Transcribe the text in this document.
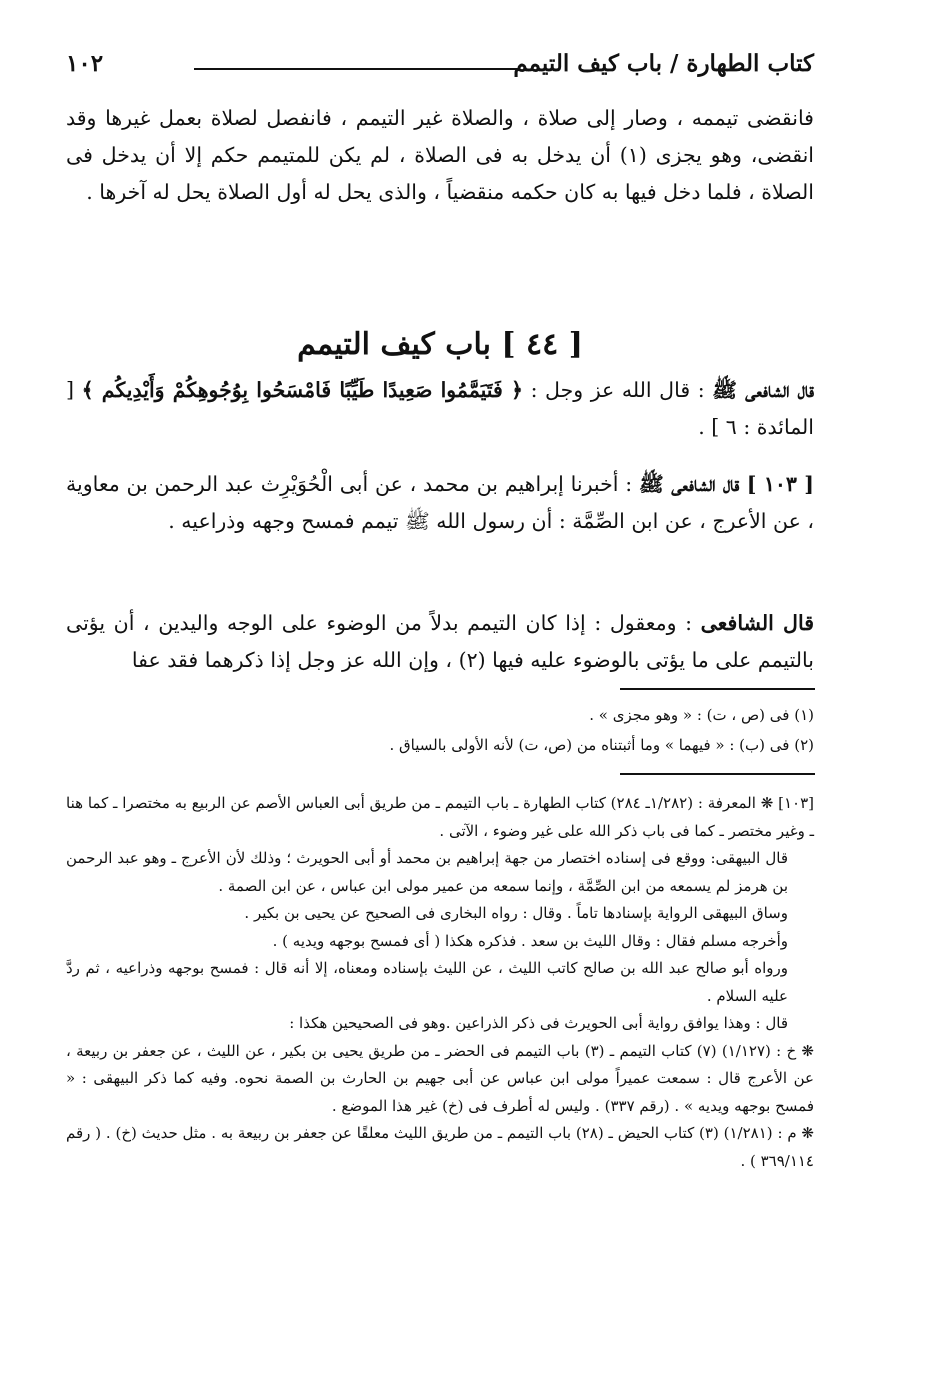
كتاب الطهارة / باب كيف التيمم
١٠٢
فانقضى تيممه ، وصار إلى صلاة ، والصلاة غير التيمم ، فانفصل لصلاة بعمل غيرها وقد انقضى، وهو يجزى (١) أن يدخل به فى الصلاة ، لم يكن للمتيمم حكم إلا أن يدخل فى الصلاة ، فلما دخل فيها به كان حكمه منقضياً ، والذى يحل له أول الصلاة يحل له آخرها .
[ ٤٤ ] باب كيف التيمم
قال الشافعى ﷺ : قال الله عز وجل : ﴿ فَتَيَمَّمُوا صَعِيدًا طَيِّبًا فَامْسَحُوا بِوُجُوهِكُمْ وَأَيْدِيكُم ﴾ [ المائدة : ٦ ] .
[ ١٠٣ ] قال الشافعى ﷺ : أخبرنا إبراهيم بن محمد ، عن أبى الْحُوَيْرِث عبد الرحمن بن معاوية ، عن الأعرج ، عن ابن الصِّمَّة : أن رسول الله ﷺ تيمم فمسح وجهه وذراعيه .
قال الشافعى : ومعقول : إذا كان التيمم بدلاً من الوضوء على الوجه واليدين ، أن يؤتى بالتيمم على ما يؤتى بالوضوء عليه فيها (٢) ، وإن الله عز وجل إذا ذكرهما فقد عفا
(١) فى (ص ، ت) : « وهو مجزى » .
(٢) فى (ب) : « فيهما » وما أثبتناه من (ص، ت) لأنه الأولى بالسياق .

[١٠٣] ❋ المعرفة : (١/٢٨٢ـ ٢٨٤) كتاب الطهارة ـ باب التيمم ـ من طريق أبى العباس الأصم عن الربيع به مختصرا ـ كما هنا ـ وغير مختصر ـ كما فى باب ذكر الله على غير وضوء ، الآتى .

قال البيهقى: ووقع فى إسناده اختصار من جهة إبراهيم بن محمد أو أبى الحويرث ؛ وذلك لأن الأعرج ـ وهو عبد الرحمن بن هرمز لم يسمعه من ابن الصِّمَّة ، وإنما سمعه من عمير مولى ابن عباس ، عن ابن الصمة .

وساق البيهقى الرواية بإسنادها تاماً . وقال : رواه البخارى فى الصحيح عن يحيى بن بكير .

وأخرجه مسلم فقال : وقال الليث بن سعد . فذكره هكذا ( أى فمسح بوجهه ويديه ) .

ورواه أبو صالح عبد الله بن صالح كاتب الليث ، عن الليث بإسناده ومعناه، إلا أنه قال : فمسح بوجهه وذراعيه ، ثم ردَّ عليه السلام .

قال : وهذا يوافق رواية أبى الحويرث فى ذكر الذراعين .وهو فى الصحيحين هكذا :

❋ خ : (١/١٢٧) (٧) كتاب التيمم ـ (٣) باب التيمم فى الحضر ـ من طريق يحيى بن بكير ، عن الليث ، عن جعفر بن ربيعة ، عن الأعرج قال : سمعت عميراً مولى ابن عباس عن أبى جهيم بن الحارث بن الصمة نحوه. وفيه كما ذكر البيهقى : « فمسح بوجهه ويديه » . (رقم ٣٣٧) . وليس له أطرف فى (خ) غير هذا الموضع .

❋ م : (١/٢٨١) (٣) كتاب الحيض ـ (٢٨) باب التيمم ـ من طريق الليث معلقًا عن جعفر بن ربيعة به . مثل حديث (خ) . ( رقم ٣٦٩/١١٤ ) .
